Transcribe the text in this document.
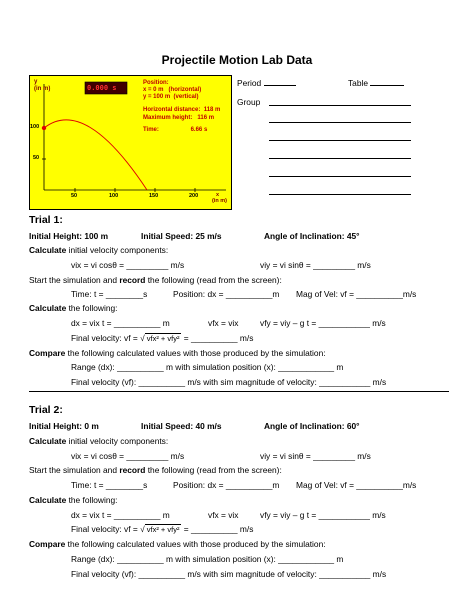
Projectile Motion Lab Data
y
(in m)	0.000 s
Position:
x = 0 m (horizontal)
y = 100 m (vertical)
Horizontal distance: 118 m
Maximum height: 116 m
Time:	6.66 s
100
50
50	100	150	200	x
(in m)
Period	Table
Group
Trial 1:
Initial Height: 100 m	Initial Speed: 25 m/s	Angle of Inclination: 45°
Calculate initial velocity components:
vix = vi cosθ = _________ m/s	viy = vi sinθ = _________ m/s
Start the simulation and record the following (read from the screen):
Time: t = ________s	Position: dx = __________m Mag of Vel: vf = __________m/s
Calculate the following:
dx = vix t = __________ m	vfx = vix	vfy = viy – g t = ___________ m/s
Final velocity: vf = √ vfx² + vfy² = __________ m/s
Compare the following calculated values with those produced by the simulation:
Range (dx): __________ m with simulation position (x): ____________ m
Final velocity (vf): __________ m/s with sim magnitude of velocity: ___________ m/s
Trial 2:
Initial Height: 0 m	Initial Speed: 40 m/s	Angle of Inclination: 60°
Calculate initial velocity components:
vix = vi cosθ = _________ m/s	viy = vi sinθ = _________ m/s
Start the simulation and record the following (read from the screen):
Time: t = ________s	Position: dx = __________m Mag of Vel: vf = __________m/s
Calculate the following:
dx = vix t = __________ m	vfx = vix	vfy = viy – g t = ___________ m/s
Final velocity: vf = √ vfx² + vfy² = __________ m/s
Compare the following calculated values with those produced by the simulation:
Range (dx): __________ m with simulation position (x): ____________ m
Final velocity (vf): __________ m/s with sim magnitude of velocity: ___________ m/s
